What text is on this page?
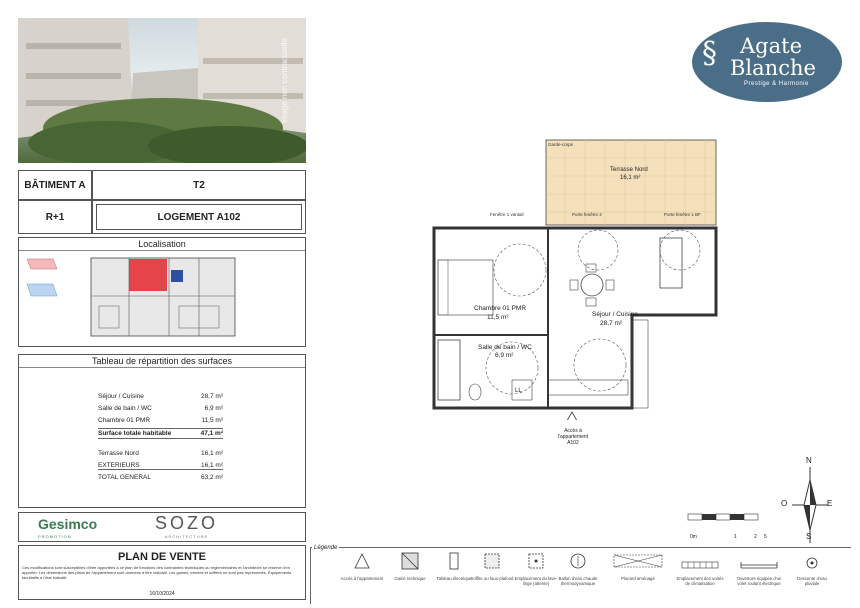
image non contractuelle	§ Agate
Blanche
Prestige & Harmonie
BÂTIMENT A	T2
R+1	LOGEMENT A102
Localisation
Tableau de répartition des surfaces
Séjour / Cuisine	28,7 m²
Salle de bain / WC	6,9 m²
Chambre 01 PMR	11,5 m²
Surface totale habitable	47,1 m²
Terrasse Nord	16,1 m²
EXTERIEURS	16,1 m²
TOTAL GENERAL	63,2 m²
Gesimco
PROMOTION
SOZO
ARCHITECTURE
PLAN DE VENTE
Ces modifications sont susceptibles d'être apportées à ce plan de fonctions des contraintes techniques ou réglementaires et l'architecte se réserve d'en apporter. Les dimensions des plans de l'appartement sont données à titre indicatif. Les gaines, trémies et soffites ne sont pas représentés. Équipements facultatifs à l'état indicatif.
16/10/2024
Garde-corps
Terrasse Nord
16,1 m²
Fenêtre 1 vantail	Porte fenêtre 2	Porte fenêtre 1 BF
Chambre 01 PMR
11,5 m²	Séjour / Cuisine
28,7 m²
Salle de bain / WC
6,9 m²
LL
Accès à
l'appartement
A102
N
S
O	E
0m	1	2 5
Légende
Accès à l'appartement	Gaine technique	Tableau électrique Soffite ou faux-plafond Emplacement du lave-linge (attente)
Ballon d'eau chaude thermodynamique
Placard aménagé	Emplacement des unités de climatisation
Ouverture équipée d'un volet roulant électrique
Descente d'eau pluviale
